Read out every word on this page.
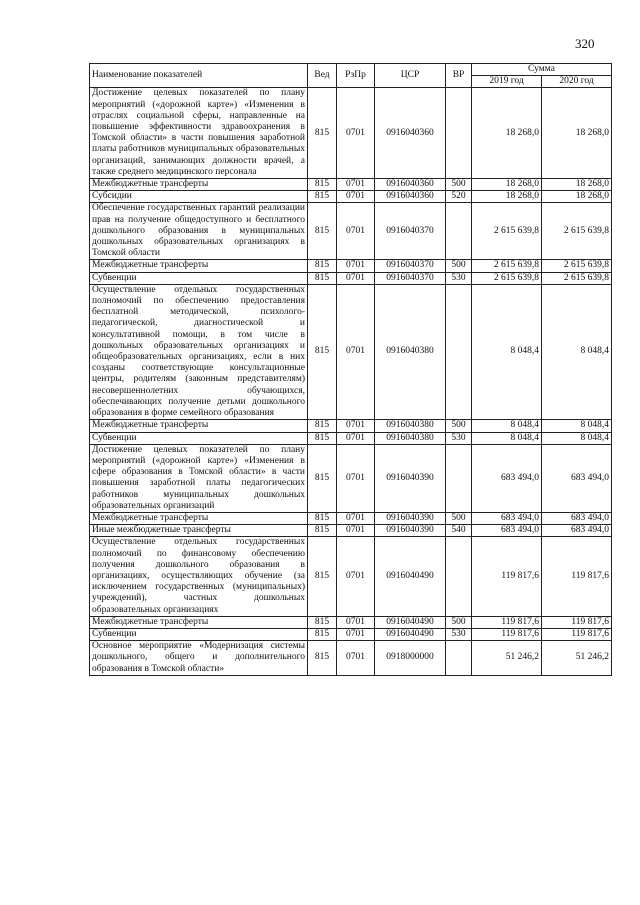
320
Наименование показателей	Вед	РзПр	ЦСР	ВР	Сумма	
					2019 год	2020 год
Достижение целевых показателей по плану мероприятий («дорожной карте») «Изменения в отраслях социальной сферы, направленные на повышение эффективности здравоохранения в Томской области» в части повышения заработной платы работников муниципальных образовательных организаций, занимающих должности врачей, а также среднего медицинского персонала	815	0701	0916040360		18 268,0	18 268,0
Межбюджетные трансферты	815	0701	0916040360	500	18 268,0	18 268,0
Субсидии	815	0701	0916040360	520	18 268,0	18 268,0
Обеспечение государственных гарантий реализации прав на получение общедоступного и бесплатного дошкольного образования в муниципальных дошкольных образовательных организациях в Томской области	815	0701	0916040370		2 615 639,8	2 615 639,8
Межбюджетные трансферты	815	0701	0916040370	500	2 615 639,8	2 615 639,8
Субвенции	815	0701	0916040370	530	2 615 639,8	2 615 639,8
Осуществление отдельных государственных полномочий по обеспечению предоставления бесплатной методической, психолого-педагогической, диагностической и консультативной помощи, в том числе в дошкольных образовательных организациях и общеобразовательных организациях, если в них созданы соответствующие консультационные центры, родителям (законным представителям) несовершеннолетних обучающихся, обеспечивающих получение детьми дошкольного образования в форме семейного образования	815	0701	0916040380		8 048,4	8 048,4
Межбюджетные трансферты	815	0701	0916040380	500	8 048,4	8 048,4
Субвенции	815	0701	0916040380	530	8 048,4	8 048,4
Достижение целевых показателей по плану мероприятий («дорожной карте») «Изменения в сфере образования в Томской области» в части повышения заработной платы педагогических работников муниципальных дошкольных образовательных организаций	815	0701	0916040390		683 494,0	683 494,0
Межбюджетные трансферты	815	0701	0916040390	500	683 494,0	683 494,0
Иные межбюджетные трансферты	815	0701	0916040390	540	683 494,0	683 494,0
Осуществление отдельных государственных полномочий по финансовому обеспечению получения дошкольного образования в организациях, осуществляющих обучение (за исключением государственных (муниципальных) учреждений), частных дошкольных образовательных организациях	815	0701	0916040490		119 817,6	119 817,6
Межбюджетные трансферты	815	0701	0916040490	500	119 817,6	119 817,6
Субвенции	815	0701	0916040490	530	119 817,6	119 817,6
Основное мероприятие «Модернизация системы дошкольного, общего и дополнительного образования в Томской области»	815	0701	0918000000		51 246,2	51 246,2
